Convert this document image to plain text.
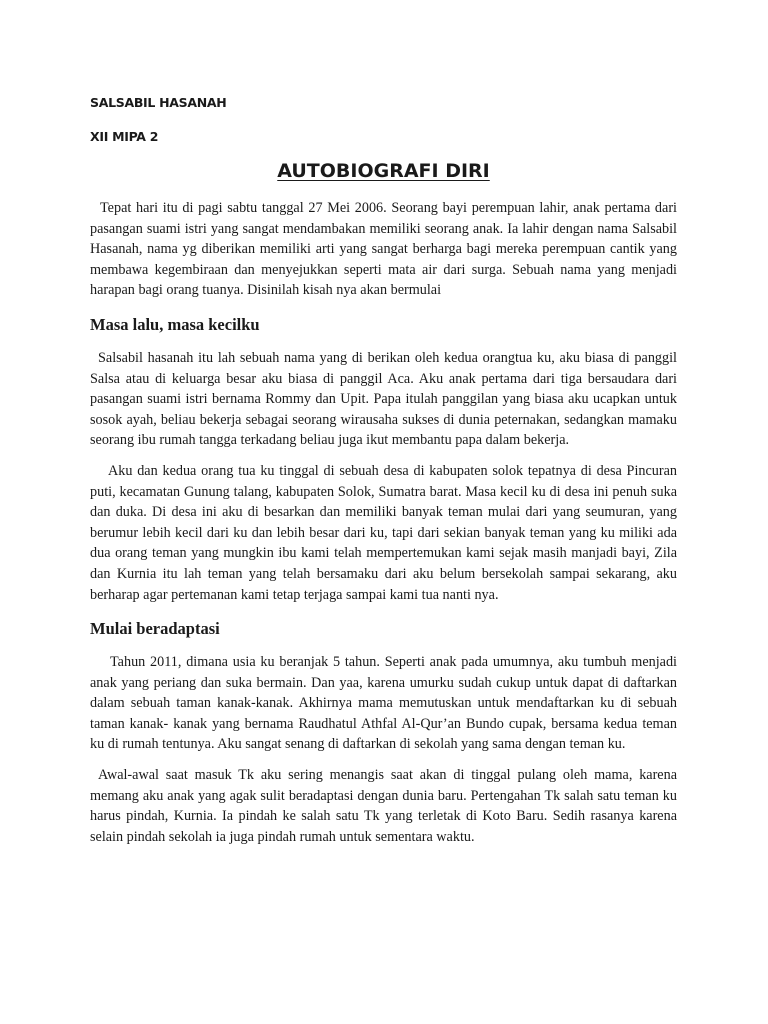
SALSABIL HASANAH

XII MIPA 2

AUTOBIOGRAFI DIRI

Tepat hari itu di pagi sabtu tanggal 27 Mei 2006. Seorang bayi perempuan lahir, anak pertama dari pasangan suami istri yang sangat mendambakan memiliki seorang anak. Ia lahir dengan nama Salsabil Hasanah, nama yg diberikan memiliki arti yang sangat berharga bagi mereka perempuan cantik yang membawa kegembiraan dan menyejukkan seperti mata air dari surga. Sebuah nama yang menjadi harapan bagi orang tuanya. Disinilah kisah nya akan bermulai

Masa lalu, masa kecilku

Salsabil hasanah itu lah sebuah nama yang di berikan oleh kedua orangtua ku, aku biasa di panggil Salsa atau di keluarga besar aku biasa di panggil Aca. Aku anak pertama dari tiga bersaudara dari pasangan suami istri bernama Rommy dan Upit. Papa itulah panggilan yang biasa aku ucapkan untuk sosok ayah, beliau bekerja sebagai seorang wirausaha sukses di dunia peternakan, sedangkan mamaku seorang ibu rumah tangga terkadang beliau juga ikut membantu papa dalam bekerja.

Aku dan kedua orang tua ku tinggal di sebuah desa di kabupaten solok tepatnya di desa Pincuran puti, kecamatan Gunung talang, kabupaten Solok, Sumatra barat. Masa kecil ku di desa ini penuh suka dan duka. Di desa ini aku di besarkan dan memiliki banyak teman mulai dari yang seumuran, yang berumur lebih kecil dari ku dan lebih besar dari ku, tapi dari sekian banyak teman yang ku miliki ada dua orang teman yang mungkin ibu kami telah mempertemukan kami sejak masih manjadi bayi, Zila dan Kurnia itu lah teman yang telah bersamaku dari aku belum bersekolah sampai sekarang, aku berharap agar pertemanan kami tetap terjaga sampai kami tua nanti nya.

Mulai beradaptasi

Tahun 2011, dimana usia ku beranjak 5 tahun. Seperti anak pada umumnya, aku tumbuh menjadi anak yang periang dan suka bermain. Dan yaa, karena umurku sudah cukup untuk dapat di daftarkan dalam sebuah taman kanak-kanak. Akhirnya mama memutuskan untuk mendaftarkan ku di sebuah taman kanak- kanak yang bernama Raudhatul Athfal Al-Qur’an Bundo cupak, bersama kedua teman ku di rumah tentunya. Aku sangat senang di daftarkan di sekolah yang sama dengan teman ku.

Awal-awal saat masuk Tk aku sering menangis saat akan di tinggal pulang oleh mama, karena memang aku anak yang agak sulit beradaptasi dengan dunia baru. Pertengahan Tk salah satu teman ku harus pindah, Kurnia. Ia pindah ke salah satu Tk yang terletak di Koto Baru. Sedih rasanya karena selain pindah sekolah ia juga pindah rumah untuk sementara waktu.
